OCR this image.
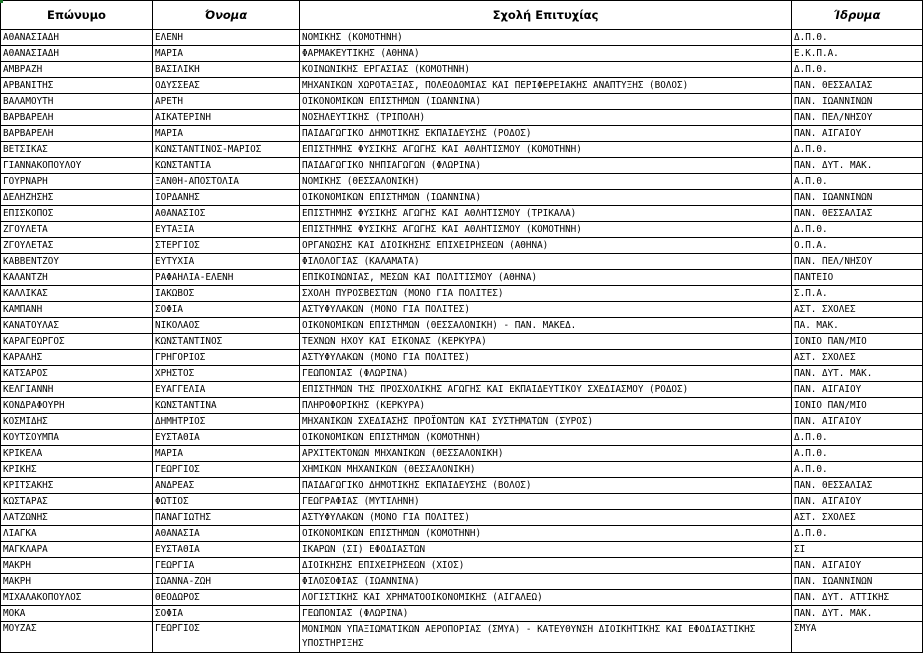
Επώνυμο	Όνομα	Σχολή Επιτυχίας	Ίδρυμα
ΑΘΑΝΑΣΙΑΔΗ	ΕΛΕΝΗ	ΝΟΜΙΚΗΣ (ΚΟΜΟΤΗΝΗ)	Δ.Π.Θ.
ΑΘΑΝΑΣΙΑΔΗ	ΜΑΡΙΑ	ΦΑΡΜΑΚΕΥΤΙΚΗΣ (ΑΘΗΝΑ)	Ε.Κ.Π.Α.
ΑΜΒΡΑΖΗ	ΒΑΣΙΛΙΚΗ	ΚΟΙΝΩΝΙΚΗΣ ΕΡΓΑΣΙΑΣ (ΚΟΜΟΤΗΝΗ)	Δ.Π.Θ.
ΑΡΒΑΝΙΤΗΣ	ΟΔΥΣΣΕΑΣ	ΜΗΧΑΝΙΚΩΝ ΧΩΡΟΤΑΞΙΑΣ, ΠΟΛΕΟΔΟΜΙΑΣ ΚΑΙ ΠΕΡΙΦΕΡΕΙΑΚΗΣ ΑΝΑΠΤΥΞΗΣ (ΒΟΛΟΣ)	ΠΑΝ. ΘΕΣΣΑΛΙΑΣ
ΒΑΛΑΜΟΥΤΗ	ΑΡΕΤΗ	ΟΙΚΟΝΟΜΙΚΩΝ ΕΠΙΣΤΗΜΩΝ (ΙΩΑΝΝΙΝΑ)	ΠΑΝ. ΙΩΑΝΝΙΝΩΝ
ΒΑΡΒΑΡΕΛΗ	ΑΙΚΑΤΕΡΙΝΗ	ΝΟΣΗΛΕΥΤΙΚΗΣ (ΤΡΙΠΟΛΗ)	ΠΑΝ. ΠΕΛ/ΝΗΣΟΥ
ΒΑΡΒΑΡΕΛΗ	ΜΑΡΙΑ	ΠΑΙΔΑΓΩΓΙΚΟ ΔΗΜΟΤΙΚΗΣ ΕΚΠΑΙΔΕΥΣΗΣ (ΡΟΔΟΣ)	ΠΑΝ. ΑΙΓΑΙΟΥ
ΒΕΤΣΙΚΑΣ	ΚΩΝΣΤΑΝΤΙΝΟΣ-ΜΑΡΙΟΣ	ΕΠΙΣΤΗΜΗΣ ΦΥΣΙΚΗΣ ΑΓΩΓΗΣ ΚΑΙ ΑΘΛΗΤΙΣΜΟΥ (ΚΟΜΟΤΗΝΗ)	Δ.Π.Θ.
ΓΙΑΝΝΑΚΟΠΟΥΛΟΥ	ΚΩΝΣΤΑΝΤΙΑ	ΠΑΙΔΑΓΩΓΙΚΟ ΝΗΠΙΑΓΩΓΩΝ (ΦΛΩΡΙΝΑ)	ΠΑΝ. ΔΥΤ. ΜΑΚ.
ΓΟΥΡΝΑΡΗ	ΞΑΝΘΗ-ΑΠΟΣΤΟΛΙΑ	ΝΟΜΙΚΗΣ (ΘΕΣΣΑΛΟΝΙΚΗ)	Α.Π.Θ.
ΔΕΛΗΖΗΣΗΣ	ΙΟΡΔΑΝΗΣ	ΟΙΚΟΝΟΜΙΚΩΝ ΕΠΙΣΤΗΜΩΝ (ΙΩΑΝΝΙΝΑ)	ΠΑΝ. ΙΩΑΝΝΙΝΩΝ
ΕΠΙΣΚΟΠΟΣ	ΑΘΑΝΑΣΙΟΣ	ΕΠΙΣΤΗΜΗΣ ΦΥΣΙΚΗΣ ΑΓΩΓΗΣ ΚΑΙ ΑΘΛΗΤΙΣΜΟΥ (ΤΡΙΚΑΛΑ)	ΠΑΝ. ΘΕΣΣΑΛΙΑΣ
ΖΓΟΥΛΕΤΑ	ΕΥΤΑΞΙΑ	ΕΠΙΣΤΗΜΗΣ ΦΥΣΙΚΗΣ ΑΓΩΓΗΣ ΚΑΙ ΑΘΛΗΤΙΣΜΟΥ (ΚΟΜΟΤΗΝΗ)	Δ.Π.Θ.
ΖΓΟΥΛΕΤΑΣ	ΣΤΕΡΓΙΟΣ	ΟΡΓΑΝΩΣΗΣ ΚΑΙ ΔΙΟΙΚΗΣΗΣ ΕΠΙΧΕΙΡΗΣΕΩΝ (ΑΘΗΝΑ)	Ο.Π.Α.
ΚΑΒΒΕΝΤΖΟΥ	ΕΥΤΥΧΙΑ	ΦΙΛΟΛΟΓΙΑΣ (ΚΑΛΑΜΑΤΑ)	ΠΑΝ. ΠΕΛ/ΝΗΣΟΥ
ΚΑΛΑΝΤΖΗ	ΡΑΦΑΗΛΙΑ-ΕΛΕΝΗ	ΕΠΙΚΟΙΝΩΝΙΑΣ, ΜΕΣΩΝ ΚΑΙ ΠΟΛΙΤΙΣΜΟΥ (ΑΘΗΝΑ)	ΠΑΝΤΕΙΟ
ΚΑΛΛΙΚΑΣ	ΙΑΚΩΒΟΣ	ΣΧΟΛΗ ΠΥΡΟΣΒΕΣΤΩΝ (ΜΟΝΟ ΓΙΑ ΠΟΛΙΤΕΣ)	Σ.Π.Α.
ΚΑΜΠΑΝΗ	ΣΟΦΙΑ	ΑΣΤΥΦΥΛΑΚΩΝ (ΜΟΝΟ ΓΙΑ ΠΟΛΙΤΕΣ)	ΑΣΤ. ΣΧΟΛΕΣ
ΚΑΝΑΤΟΥΛΑΣ	ΝΙΚΟΛΑΟΣ	ΟΙΚΟΝΟΜΙΚΩΝ ΕΠΙΣΤΗΜΩΝ (ΘΕΣΣΑΛΟΝΙΚΗ) - ΠΑΝ. ΜΑΚΕΔ.	ΠΑ. ΜΑΚ.
ΚΑΡΑΓΕΩΡΓΟΣ	ΚΩΝΣΤΑΝΤΙΝΟΣ	ΤΕΧΝΩΝ ΗΧΟΥ ΚΑΙ ΕΙΚΟΝΑΣ (ΚΕΡΚΥΡΑ)	ΙΟΝΙΟ ΠΑΝ/ΜΙΟ
ΚΑΡΑΛΗΣ	ΓΡΗΓΟΡΙΟΣ	ΑΣΤΥΦΥΛΑΚΩΝ (ΜΟΝΟ ΓΙΑ ΠΟΛΙΤΕΣ)	ΑΣΤ. ΣΧΟΛΕΣ
ΚΑΤΣΑΡΟΣ	ΧΡΗΣΤΟΣ	ΓΕΩΠΟΝΙΑΣ (ΦΛΩΡΙΝΑ)	ΠΑΝ. ΔΥΤ. ΜΑΚ.
ΚΕΛΓΙΑΝΝΗ	ΕΥΑΓΓΕΛΙΑ	ΕΠΙΣΤΗΜΩΝ ΤΗΣ ΠΡΟΣΧΟΛΙΚΗΣ ΑΓΩΓΗΣ ΚΑΙ ΕΚΠΑΙΔΕΥΤΙΚΟΥ ΣΧΕΔΙΑΣΜΟΥ (ΡΟΔΟΣ)	ΠΑΝ. ΑΙΓΑΙΟΥ
ΚΟΝΔΡΑΦΟΥΡΗ	ΚΩΝΣΤΑΝΤΙΝΑ	ΠΛΗΡΟΦΟΡΙΚΗΣ (ΚΕΡΚΥΡΑ)	ΙΟΝΙΟ ΠΑΝ/ΜΙΟ
ΚΟΣΜΙΔΗΣ	ΔΗΜΗΤΡΙΟΣ	ΜΗΧΑΝΙΚΩΝ ΣΧΕΔΙΑΣΗΣ ΠΡΟΪΟΝΤΩΝ ΚΑΙ ΣΥΣΤΗΜΑΤΩΝ (ΣΥΡΟΣ)	ΠΑΝ. ΑΙΓΑΙΟΥ
ΚΟΥΤΣΟΥΜΠΑ	ΕΥΣΤΑΘΙΑ	ΟΙΚΟΝΟΜΙΚΩΝ ΕΠΙΣΤΗΜΩΝ (ΚΟΜΟΤΗΝΗ)	Δ.Π.Θ.
ΚΡΙΚΕΛΑ	ΜΑΡΙΑ	ΑΡΧΙΤΕΚΤΟΝΩΝ ΜΗΧΑΝΙΚΩΝ (ΘΕΣΣΑΛΟΝΙΚΗ)	Α.Π.Θ.
ΚΡΙΚΗΣ	ΓΕΩΡΓΙΟΣ	ΧΗΜΙΚΩΝ ΜΗΧΑΝΙΚΩΝ (ΘΕΣΣΑΛΟΝΙΚΗ)	Α.Π.Θ.
ΚΡΙΤΣΑΚΗΣ	ΑΝΔΡΕΑΣ	ΠΑΙΔΑΓΩΓΙΚΟ ΔΗΜΟΤΙΚΗΣ ΕΚΠΑΙΔΕΥΣΗΣ (ΒΟΛΟΣ)	ΠΑΝ. ΘΕΣΣΑΛΙΑΣ
ΚΩΣΤΑΡΑΣ	ΦΩΤΙΟΣ	ΓΕΩΓΡΑΦΙΑΣ (ΜΥΤΙΛΗΝΗ)	ΠΑΝ. ΑΙΓΑΙΟΥ
ΛΑΤΖΩΝΗΣ	ΠΑΝΑΓΙΩΤΗΣ	ΑΣΤΥΦΥΛΑΚΩΝ (ΜΟΝΟ ΓΙΑ ΠΟΛΙΤΕΣ)	ΑΣΤ. ΣΧΟΛΕΣ
ΛΙΑΓΚΑ	ΑΘΑΝΑΣΙΑ	ΟΙΚΟΝΟΜΙΚΩΝ ΕΠΙΣΤΗΜΩΝ (ΚΟΜΟΤΗΝΗ)	Δ.Π.Θ.
ΜΑΓΚΛΑΡΑ	ΕΥΣΤΑΘΙΑ	ΙΚΑΡΩΝ (ΣΙ) ΕΦΟΔΙΑΣΤΩΝ	ΣΙ
ΜΑΚΡΗ	ΓΕΩΡΓΙΑ	ΔΙΟΙΚΗΣΗΣ ΕΠΙΧΕΙΡΗΣΕΩΝ (ΧΙΟΣ)	ΠΑΝ. ΑΙΓΑΙΟΥ
ΜΑΚΡΗ	ΙΩΑΝΝΑ-ΖΩΗ	ΦΙΛΟΣΟΦΙΑΣ (ΙΩΑΝΝΙΝΑ)	ΠΑΝ. ΙΩΑΝΝΙΝΩΝ
ΜΙΧΑΛΑΚΟΠΟΥΛΟΣ	ΘΕΟΔΩΡΟΣ	ΛΟΓΙΣΤΙΚΗΣ ΚΑΙ ΧΡΗΜΑΤΟΟΙΚΟΝΟΜΙΚΗΣ (ΑΙΓΑΛΕΩ)	ΠΑΝ. ΔΥΤ. ΑΤΤΙΚΗΣ
ΜΟΚΑ	ΣΟΦΙΑ	ΓΕΩΠΟΝΙΑΣ (ΦΛΩΡΙΝΑ)	ΠΑΝ. ΔΥΤ. ΜΑΚ.
ΜΟΥΖΑΣ	ΓΕΩΡΓΙΟΣ	ΜΟΝΙΜΩΝ ΥΠΑΞΙΩΜΑΤΙΚΩΝ ΑΕΡΟΠΟΡΙΑΣ (ΣΜΥΑ) - ΚΑΤΕΥΘΥΝΣΗ ΔΙΟΙΚΗΤΙΚΗΣ ΚΑΙ ΕΦΟΔΙΑΣΤΙΚΗΣ ΥΠΟΣΤΗΡΙΞΗΣ	ΣΜΥΑ
